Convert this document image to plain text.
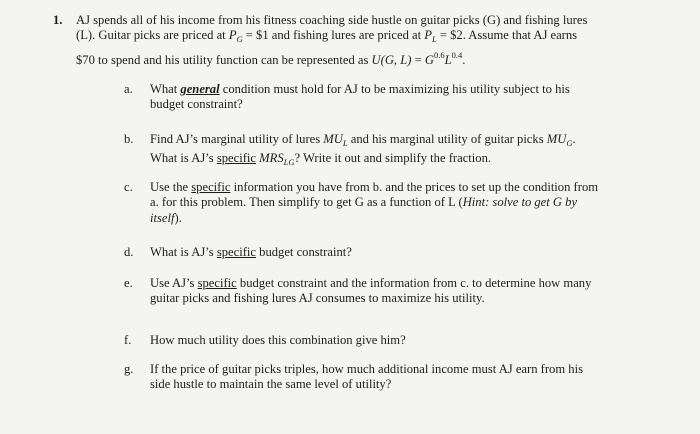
1. AJ spends all of his income from his fitness coaching side hustle on guitar picks (G) and fishing lures
(L). Guitar picks are priced at $P_G$ = $1 and fishing lures are priced at $P_L$ = $2. Assume that AJ earns
$70 to spend and his utility function can be represented as U(G, $L) = G^{0.6}L^{0.4}$.
a. What general condition must hold for AJ to be maximizing his utility subject to his
budget constraint?
b. Find AJ’s marginal utility of lures $MU_L$ and his marginal utility of guitar picks $MU_G$.
What is AJ’s specific $MRS_{LG}$? Write it out and simplify the fraction.
c. Use the specific information you have from b. and the prices to set up the condition from
a. for this problem. Then simplify to get G as a function of L (Hint: solve to get G by
itself).
d. What is AJ’s specific budget constraint?
e. Use AJ’s specific budget constraint and the information from c. to determine how many
guitar picks and fishing lures AJ consumes to maximize his utility.
f. How much utility does this combination give him?
g. If the price of guitar picks triples, how much additional income must AJ earn from his
side hustle to maintain the same level of utility?
